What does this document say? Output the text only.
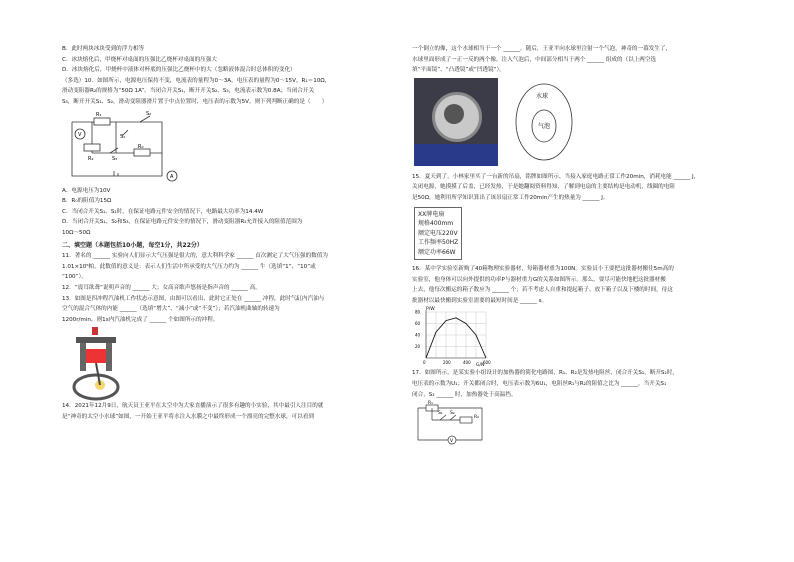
B．此时两块冰块受到的浮力相等

C．冰块熔化后，甲烧杯对桌面的压强比乙烧杯对桌面的压强大

D．冰块熔化后，甲烧杯中液体对杯底的压强比乙烧杯中的大（忽略液体混合时总体积的变化）

（多选）10．如图所示，电源电压保持不变，电流表的量程为0～3A，电压表的量程为0～15V，R₁＝10Ω，

滑动变阻器R₂的规格为“50Ω 1A”。当闭合开关S₁，断开开关S₂、S₃，电流表示数为0.8A；当闭合开关

S₃，断开开关S₁、S₂，滑动变阻器滑片置于中点位置时，电压表的示数为5V。则下列判断正确的是（　　）

V
A
R₁	S₂
S₁
R₂	S₃
R₀

A．电源电压为10V

B．R₀的阻值为15Ω

C．当闭合开关S₁、S₂时，在保证电路元件安全的情况下，电路最大功率为14.4W

D．当闭合开关S₁、S₂和S₃，在保证电路元件安全的情况下，滑动变阻器R₂允许接入的阻值范围为

10Ω～50Ω

二、填空题（本题包括10小题，每空1分，共22分）

11．著名的 ______ 实验向人们显示大气压强是很大的，意大利科学家 ______ 首次测定了大气压强的数值为

1.01×10⁵帕，此数值的意义是：表示人们生活中所承受的大气压力约为 ______ 牛（选填“1”、“10”或

“100”）。

12．“震耳欲聋”说明声音的 ______ 大；女高音歌声悠扬是指声音的 ______ 高。

13．如图是四冲程汽油机工作状态示意图，由图可以看出，此时它正处在 ______ 冲程，此时气缸内汽油与

空气的混合气体的内能 ______（选填“增大”、“减小”或“不变”）；若汽油机曲轴的转速为

1200r/min，则1s内汽油机完成了 ______ 个如图所示的冲程。

14．2021年12月9日，航天员王亚平在太空中为大家直播演示了很多有趣的小实验，其中最引人注目的就

是“神奇的太空小水球”如图，一开始王亚平将水注入水膜之中最终形成一个漂亮的完整水球，可以看到

一个倒立的像，这个水球相当于一个 ______。随后，王亚平向水球里注射一个气泡，神奇的一幕发生了，

水球里面形成了一正一反的两个像。注入气泡后，中间部分相当于两个 ______ 组成的（以上两空选

填“平面镜”、“凸透镜”或“凹透镜”）。

水球
气泡

15．夏天到了，小林家里买了一台新的吊扇，铭牌如图所示，当接入家庭电路正常工作20min，消耗电能 ______ J，

关闭电源，她摸摸了后盖，已经发热，于是她翻阅资料得知，了解到电扇的主要结构是电动机，线圈的电阻

是50Ω，她利用所学知识算出了该吊扇正常工作20min产生的热量为 ______ J。

XX牌电扇
规格400mm
额定电压220V
工作频率50HZ
额定功率66W

16．某中学实验室新购了40箱物理实验器材，每箱器材重为100N。实验员小王要把这批器材搬往5m高的

实验室，他身体可以向外提供的功率P与器材重力G的关系如图所示。那么，要尽可能快地把这批器材搬

上去，他每次搬运的箱子数应为 ______ 个；若不考虑人自重和提起箱子、放下箱子以及下楼的时间，待这

批器材以最快搬到实验室需要的最短时间是 ______ s。

P/W
G/N
80
60
40
20
0	200	400	600

17．如图所示，是某实验小组设计的加热器的简化电路图，R₁、R₂是发热电阻丝，闭合开关S₁，断开S₂时，

电压表的示数为U₁；开关都闭合时，电压表示数为6U₁，电阻丝R₁与R₂的阻值之比为 ______，当开关S₁

闭合，S₂ ______ 时，加热器处于高温挡。

V
R₁
S₁ S₂
R₂
